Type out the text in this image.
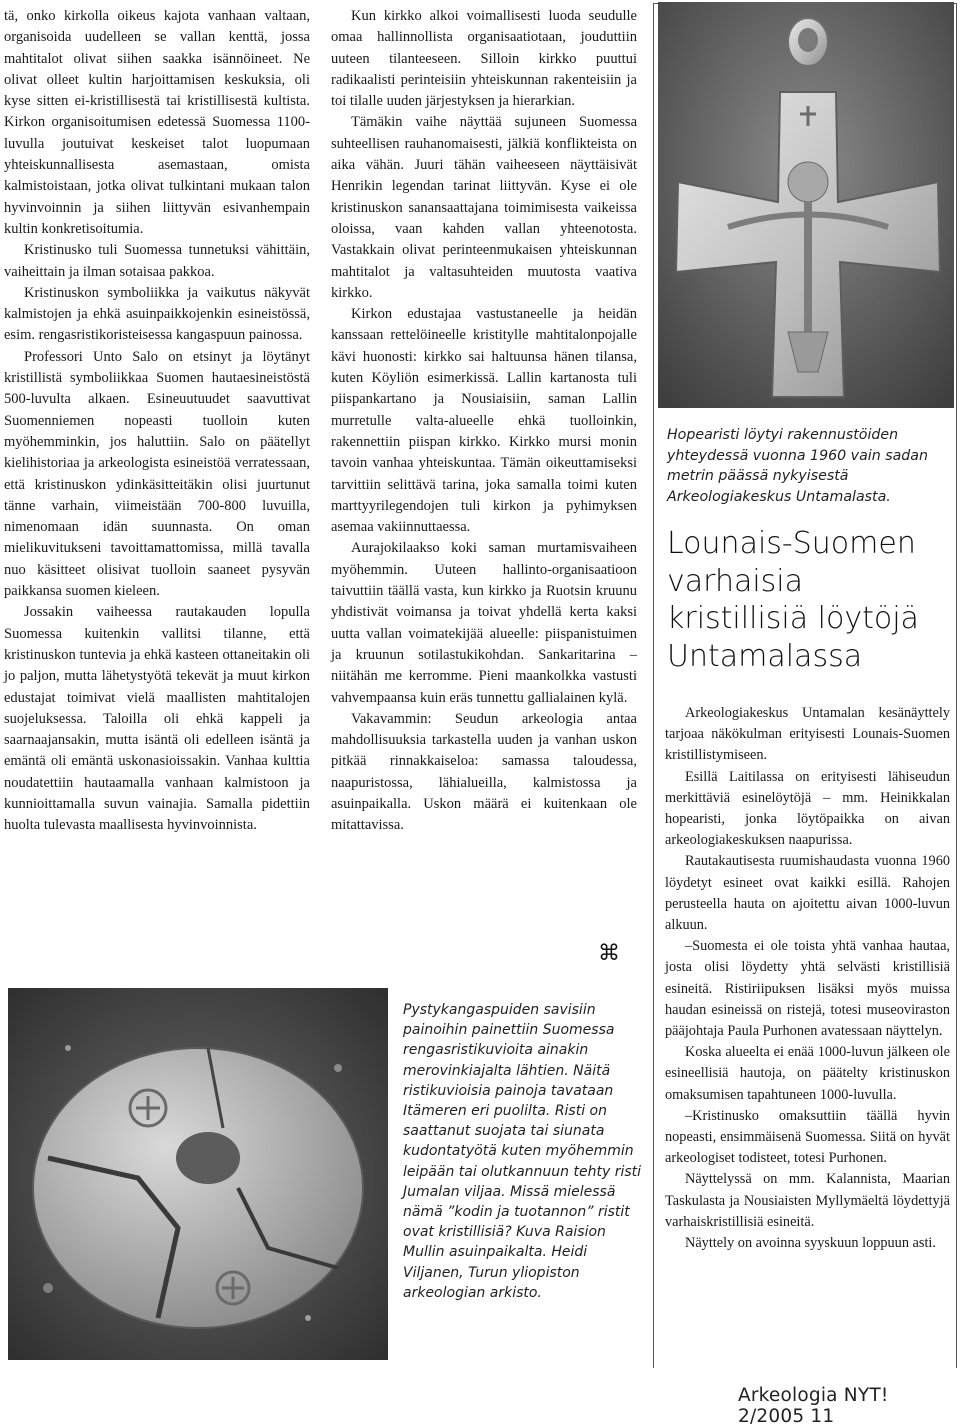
tä, onko kirkolla oikeus kajota vanhaan valtaan, organisoida uudelleen se vallan kenttä, jossa mahtitalot olivat siihen saakka isännöineet. Ne olivat olleet kultin harjoittamisen keskuksia, oli kyse sitten ei-kristillisestä tai kristillisestä kultista. Kirkon organisoitumisen edetessä Suomessa 1100-luvulla joutuivat keskeiset talot luopumaan yhteiskunnallisesta asemastaan, omista kalmistoistaan, jotka olivat tulkintani mukaan talon hyvinvoinnin ja siihen liittyvän esivanhempain kultin konkretisoitumia.

Kristinusko tuli Suomessa tunnetuksi vähittäin, vaiheittain ja ilman sotaisaa pakkoa.

Kristinuskon symboliikka ja vaikutus näkyvät kalmistojen ja ehkä asuinpaikkojenkin esineistössä, esim. rengasristikoristeisessa kangaspuun painossa.

Professori Unto Salo on etsinyt ja löytänyt kristillistä symboliikkaa Suomen hautaesineistöstä 500-luvulta alkaen. Esineuutuudet saavuttivat Suomenniemen nopeasti tuolloin kuten myöhemminkin, jos haluttiin. Salo on päätellyt kielihistoriaa ja arkeologista esineistöä verratessaan, että kristinuskon ydinkäsitteitäkin olisi juurtunut tänne varhain, viimeistään 700-800 luvuilla, nimenomaan idän suunnasta. On oman mielikuvitukseni tavoittamattomissa, millä tavalla nuo käsitteet olisivat tuolloin saaneet pysyvän paikkansa suomen kieleen.

Jossakin vaiheessa rautakauden lopulla Suomessa kuitenkin vallitsi tilanne, että kristinuskon tuntevia ja ehkä kasteen ottaneitakin oli jo paljon, mutta lähetystyötä tekevät ja muut kirkon edustajat toimivat vielä maallisten mahtitalojen suojeluksessa. Taloilla oli ehkä kappeli ja saarnaajansakin, mutta isäntä oli edelleen isäntä ja emäntä oli emäntä uskonasioissakin. Vanhaa kulttia noudatettiin hautaamalla vanhaan kalmistoon ja kunnioittamalla suvun vainajia. Samalla pidettiin huolta tulevasta maallisesta hyvinvoinnista.

Kun kirkko alkoi voimallisesti luoda seudulle omaa hallinnollista organisaatiotaan, jouduttiin uuteen tilanteeseen. Silloin kirkko puuttui radikaalisti perinteisiin yhteiskunnan rakenteisiin ja toi tilalle uuden järjestyksen ja hierarkian.

Tämäkin vaihe näyttää sujuneen Suomessa suhteellisen rauhanomaisesti, jälkiä konflikteista on aika vähän. Juuri tähän vaiheeseen näyttäisivät Henrikin legendan tarinat liittyvän. Kyse ei ole kristinuskon sanansaattajana toimimisesta vaikeissa oloissa, vaan kahden vallan yhteenotosta. Vastakkain olivat perinteenmukaisen yhteiskunnan mahtitalot ja valtasuhteiden muutosta vaativa kirkko.

Kirkon edustajaa vastustaneelle ja heidän kanssaan rettelöineelle kristitylle mahtitalonpojalle kävi huonosti: kirkko sai haltuunsa hänen tilansa, kuten Köyliön esimerkissä. Lallin kartanosta tuli piispankartano ja Nousiaisiin, saman Lallin murretulle valta-alueelle ehkä tuolloinkin, rakennettiin piispan kirkko. Kirkko mursi monin tavoin vanhaa yhteiskuntaa. Tämän oikeuttamiseksi tarvittiin selittävä tarina, joka samalla toimi kuten marttyyrilegendojen tuli kirkon ja pyhimyksen asemaa vakiinnuttaessa.

Aurajokilaakso koki saman murtamisvaiheen myöhemmin. Uuteen hallinto-organisaatioon taivuttiin täällä vasta, kun kirkko ja Ruotsin kruunu yhdistivät voimansa ja toivat yhdellä kerta kaksi uutta vallan voimatekijää alueelle: piispanistuimen ja kruunun sotilastukikohdan. Sankaritarina – niitähän me kerromme. Pieni maankolkka vastusti vahvempaansa kuin eräs tunnettu gallialainen kylä.

Vakavammin: Seudun arkeologia antaa mahdollisuuksia tarkastella uuden ja vanhan uskon pitkää rinnakkaiseloa: samassa taloudessa, naapuristossa, lähialueilla, kalmistossa ja asuinpaikalla. Uskon määrä ei kuitenkaan ole mitattavissa.

⌘

Hopearisti löytyi rakennustöiden yhteydessä vuonna 1960 vain sadan metrin päässä nykyisestä Arkeologiakeskus Untamalasta.

Lounais-Suomen varhaisia kristillisiä löytöjä Untamalassa

Arkeologiakeskus Untamalan kesänäyttely tarjoaa näkökulman erityisesti Lounais-Suomen kristillistymiseen.

Esillä Laitilassa on erityisesti lähiseudun merkittäviä esinelöytöjä – mm. Heinikkalan hopearisti, jonka löytöpaikka on aivan arkeologiakeskuksen naapurissa.

Rautakautisesta ruumishaudasta vuonna 1960 löydetyt esineet ovat kaikki esillä. Rahojen perusteella hauta on ajoitettu aivan 1000-luvun alkuun.

–Suomesta ei ole toista yhtä vanhaa hautaa, josta olisi löydetty yhtä selvästi kristillisiä esineitä. Ristiriipuksen lisäksi myös muissa haudan esineissä on ristejä, totesi museoviraston pääjohtaja Paula Purhonen avatessaan näyttelyn.

Koska alueelta ei enää 1000-luvun jälkeen ole esineellisiä hautoja, on päätelty kristinuskon omaksumisen tapahtuneen 1000-luvulla.

–Kristinusko omaksuttiin täällä hyvin nopeasti, ensimmäisenä Suomessa. Siitä on hyvät arkeologiset todisteet, totesi Purhonen.

Näyttelyssä on mm. Kalannista, Maarian Taskulasta ja Nousiaisten Myllymäeltä löydettyjä varhaiskristillisiä esineitä.

Näyttely on avoinna syyskuun loppuun asti.

Pystykangaspuiden savisiin painoihin painettiin Suomessa rengasristikuvioita ainakin merovinkiajalta lähtien. Näitä ristikuvioisia painoja tavataan Itämeren eri puolilta. Risti on saattanut suojata tai siunata kudontatyötä kuten myöhemmin leipään tai olutkannuun tehty risti Jumalan viljaa. Missä mielessä nämä ”kodin ja tuotannon” ristit ovat kristillisiä? Kuva Raision Mullin asuinpaikalta. Heidi Viljanen, Turun yliopiston arkeologian arkisto.

Arkeologia NYT! 2/2005 11
